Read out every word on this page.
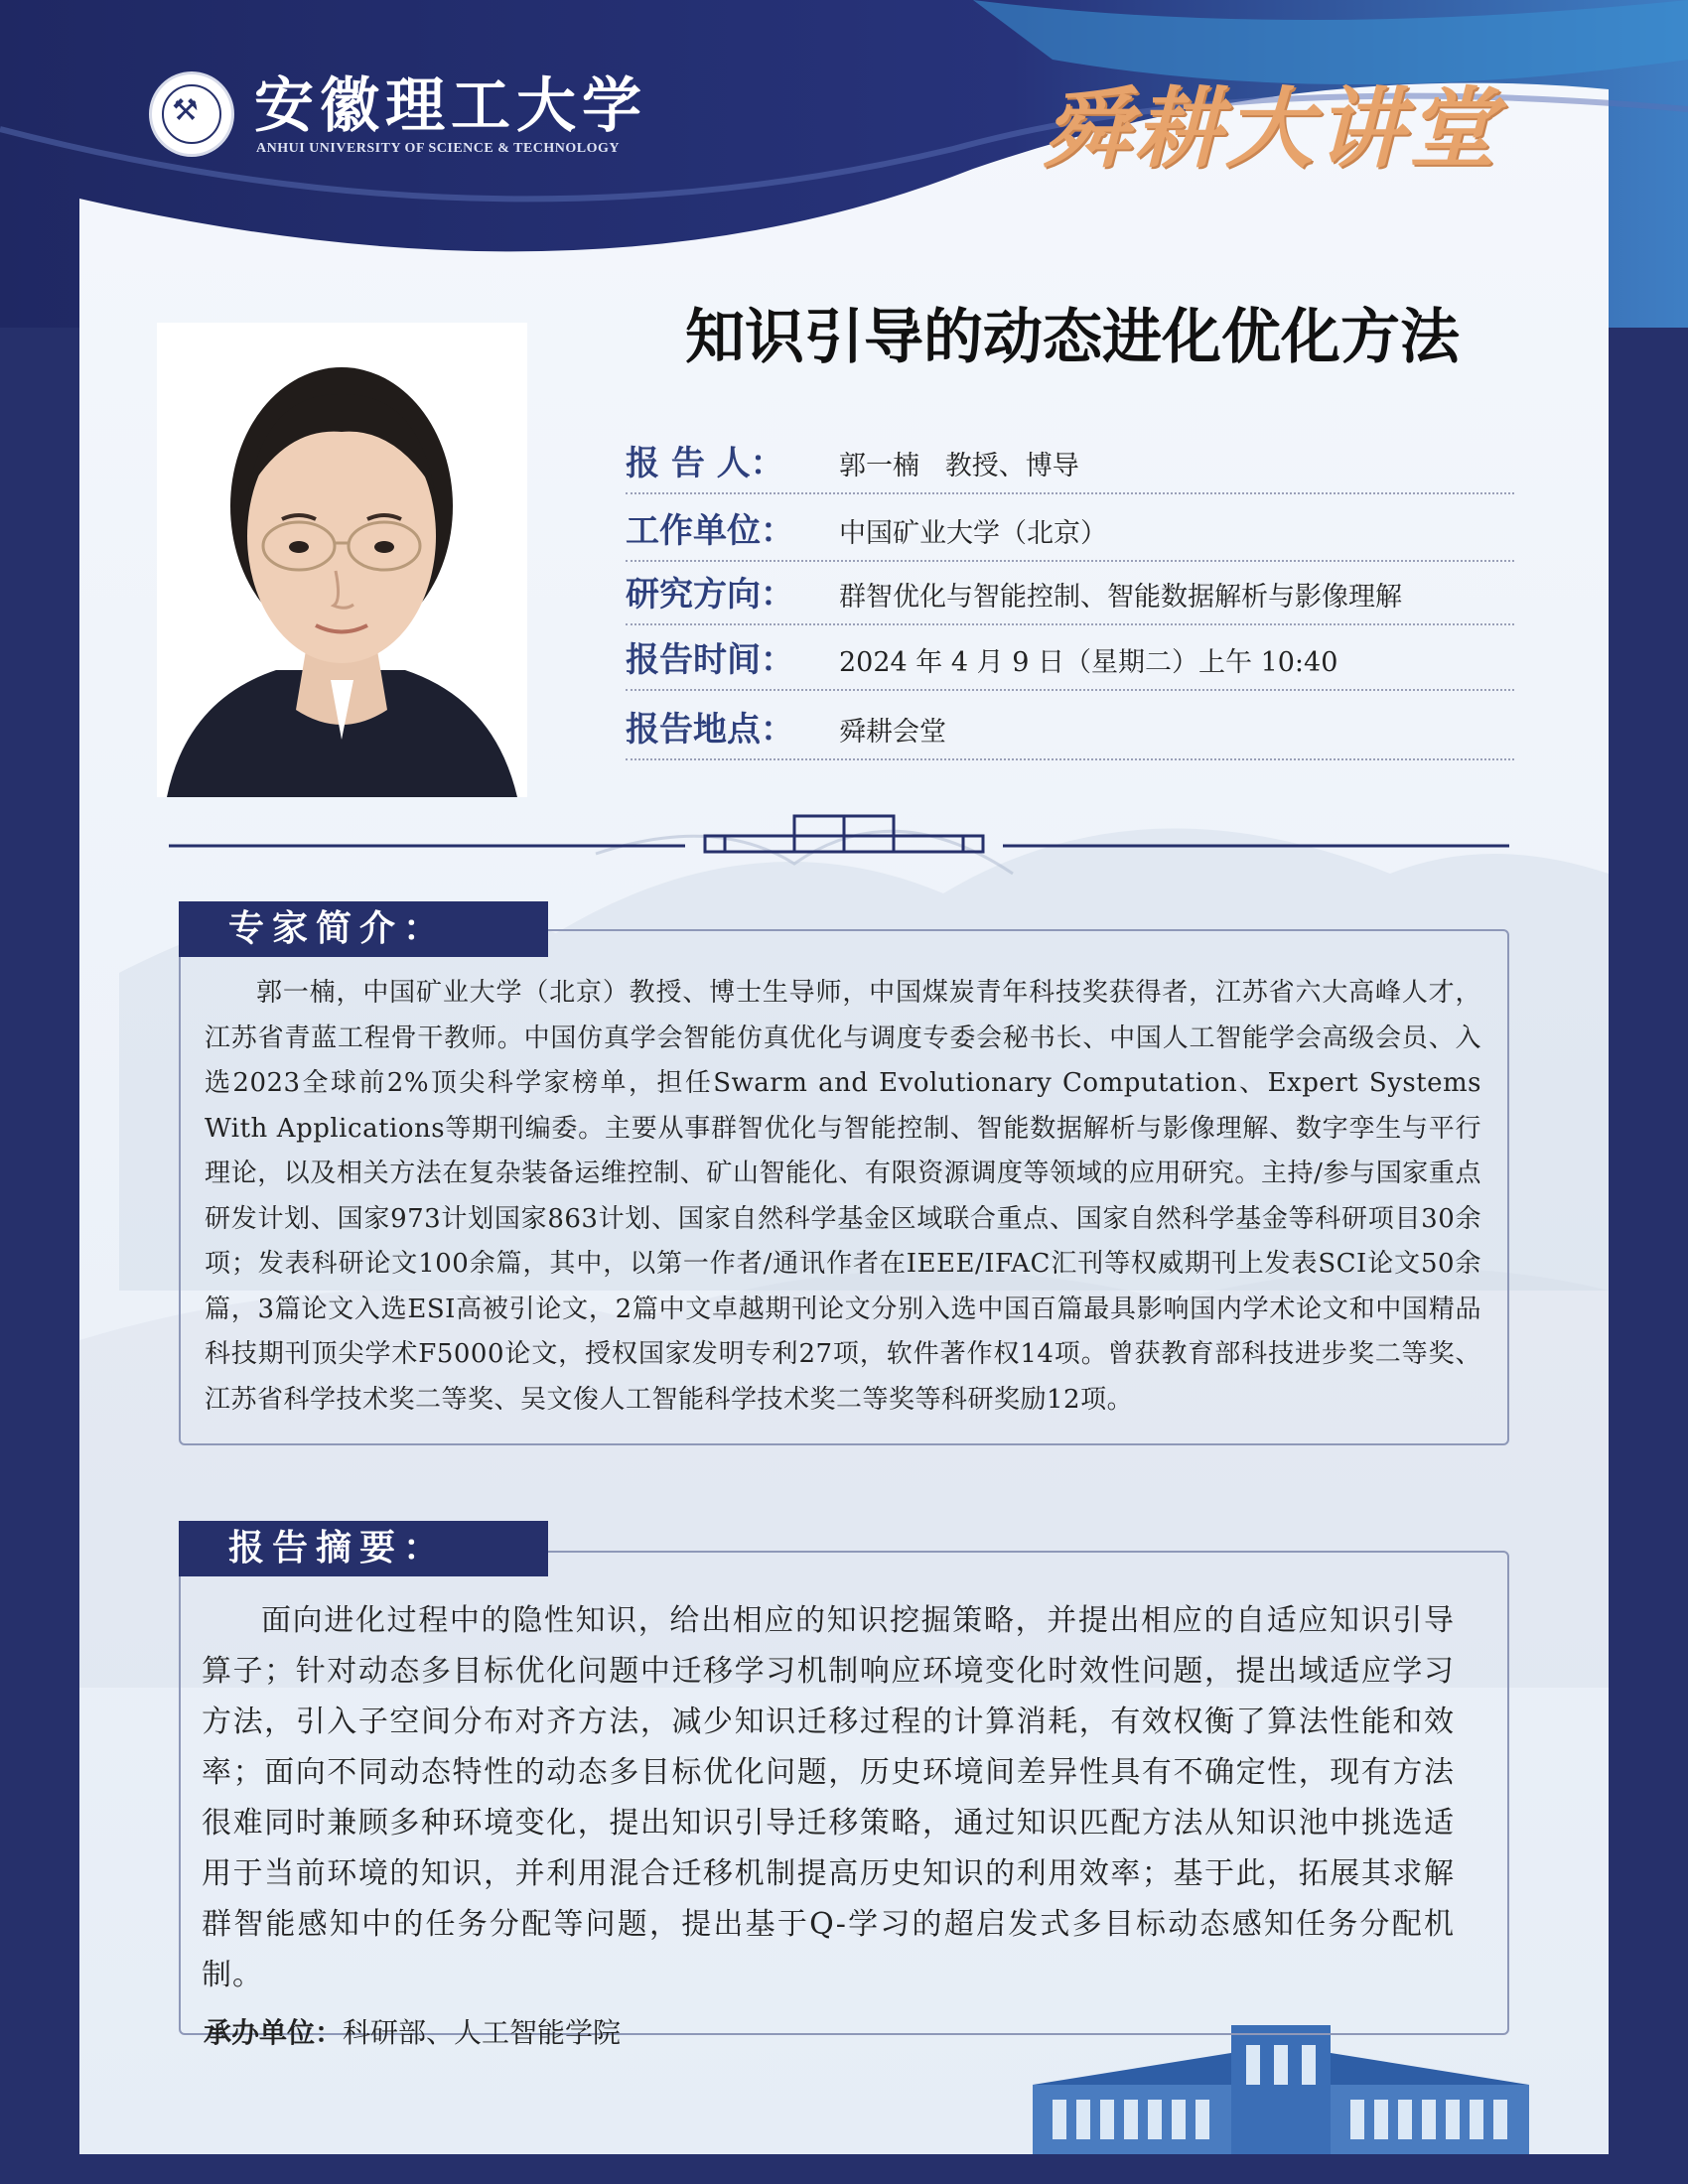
⚒ 安徽理工大学
ANHUI UNIVERSITY OF SCIENCE & TECHNOLOGY	舜耕大讲堂
知识引导的动态进化优化方法
报 告 人： 郭一楠   教授、博导
工作单位： 中国矿业大学（北京）
研究方向： 群智优化与智能控制、智能数据解析与影像理解
报告时间： 2024 年 4 月 9 日（星期二）上午 10:40
报告地点： 舜耕会堂
专家简介：
郭一楠，中国矿业大学（北京）教授、博士生导师，中国煤炭青年科技奖获得者，江苏省六大高峰人才，江苏省青蓝工程骨干教师。中国仿真学会智能仿真优化与调度专委会秘书长、中国人工智能学会高级会员、入选2023全球前2%顶尖科学家榜单，担任Swarm and Evolutionary Computation、Expert Systems With Applications等期刊编委。主要从事群智优化与智能控制、智能数据解析与影像理解、数字孪生与平行理论，以及相关方法在复杂装备运维控制、矿山智能化、有限资源调度等领域的应用研究。主持/参与国家重点研发计划、国家973计划国家863计划、国家自然科学基金区域联合重点、国家自然科学基金等科研项目30余项；发表科研论文100余篇，其中，以第一作者/通讯作者在IEEE/IFAC汇刊等权威期刊上发表SCI论文50余篇，3篇论文入选ESI高被引论文，2篇中文卓越期刊论文分别入选中国百篇最具影响国内学术论文和中国精品科技期刊顶尖学术F5000论文，授权国家发明专利27项，软件著作权14项。曾获教育部科技进步奖二等奖、江苏省科学技术奖二等奖、吴文俊人工智能科学技术奖二等奖等科研奖励12项。
报告摘要：
面向进化过程中的隐性知识，给出相应的知识挖掘策略，并提出相应的自适应知识引导算子；针对动态多目标优化问题中迁移学习机制响应环境变化时效性问题，提出域适应学习方法，引入子空间分布对齐方法，减少知识迁移过程的计算消耗，有效权衡了算法性能和效率；面向不同动态特性的动态多目标优化问题，历史环境间差异性具有不确定性，现有方法很难同时兼顾多种环境变化，提出知识引导迁移策略，通过知识匹配方法从知识池中挑选适用于当前环境的知识，并利用混合迁移机制提高历史知识的利用效率；基于此，拓展其求解群智能感知中的任务分配等问题，提出基于Q-学习的超启发式多目标动态感知任务分配机制。
承办单位：科研部、人工智能学院
